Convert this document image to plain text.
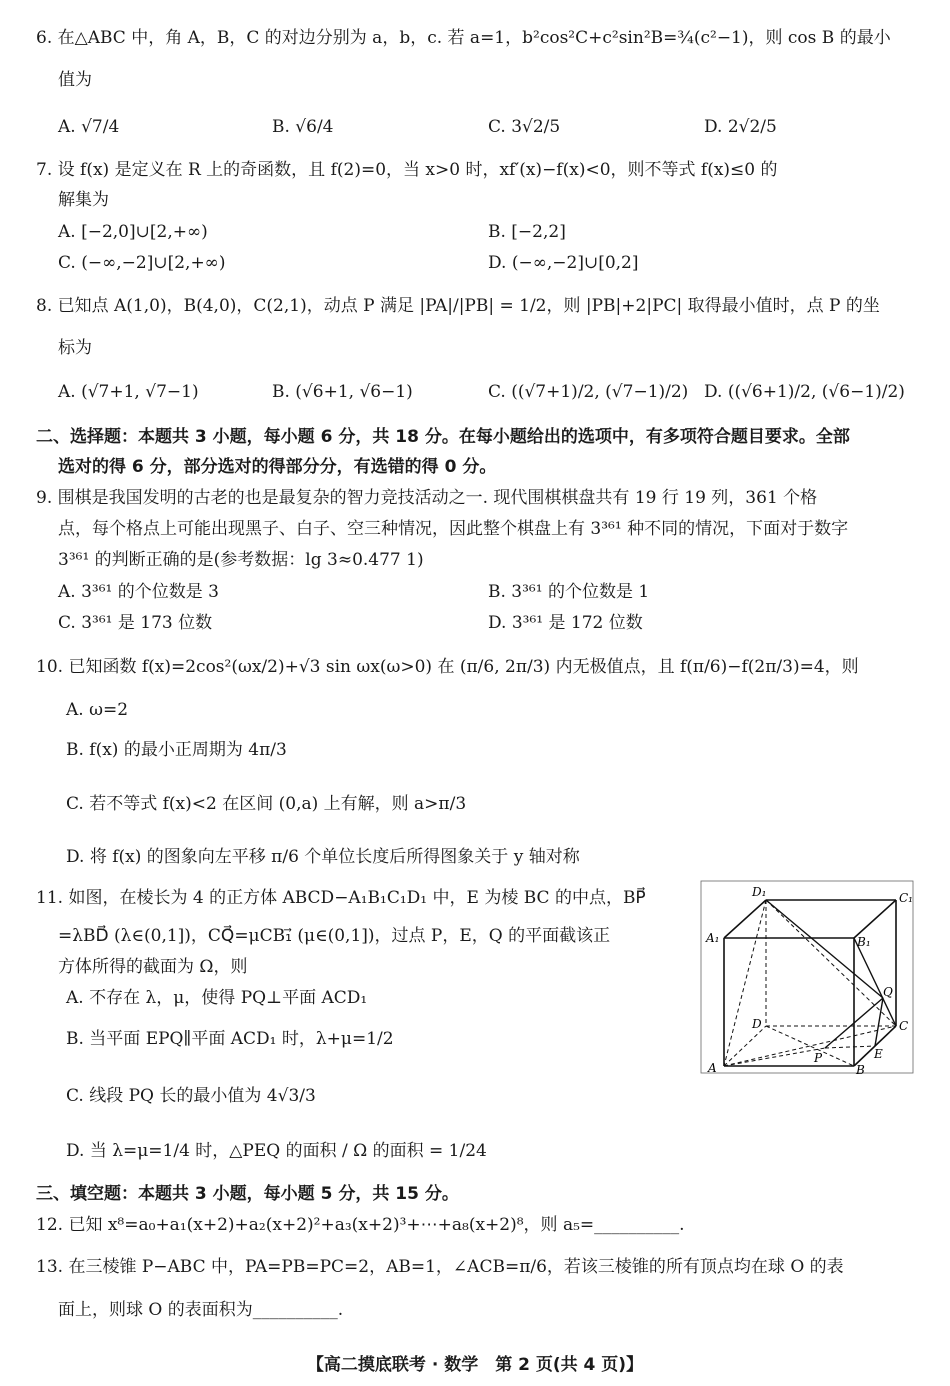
6. 在△ABC 中，角 A，B，C 的对边分别为 a，b，c. 若 a=1，b²cos²C+c²sin²B=¾(c²−1)，则 cos B 的最小
值为
A. √7/4	B. √6/4	C. 3√2/5	D. 2√2/5
7. 设 f(x) 是定义在 R 上的奇函数，且 f(2)=0，当 x>0 时，xf′(x)−f(x)<0，则不等式 f(x)≤0 的
解集为
A. [−2,0]∪[2,+∞)	B. [−2,2]
C. (−∞,−2]∪[2,+∞)	D. (−∞,−2]∪[0,2]
8. 已知点 A(1,0)，B(4,0)，C(2,1)，动点 P 满足 |PA|/|PB| = 1/2，则 |PB|+2|PC| 取得最小值时，点 P 的坐
标为
A. (√7+1, √7−1)	B. (√6+1, √6−1)	C. ((√7+1)/2, (√7−1)/2) D. ((√6+1)/2, (√6−1)/2)
二、选择题：本题共 3 小题，每小题 6 分，共 18 分。在每小题给出的选项中，有多项符合题目要求。全部
选对的得 6 分，部分选对的得部分分，有选错的得 0 分。
9. 围棋是我国发明的古老的也是最复杂的智力竞技活动之一. 现代围棋棋盘共有 19 行 19 列，361 个格
点，每个格点上可能出现黑子、白子、空三种情况，因此整个棋盘上有 3³⁶¹ 种不同的情况，下面对于数字
3³⁶¹ 的判断正确的是(参考数据：lg 3≈0.477 1)
A. 3³⁶¹ 的个位数是 3	B. 3³⁶¹ 的个位数是 1
C. 3³⁶¹ 是 173 位数	D. 3³⁶¹ 是 172 位数
10. 已知函数 f(x)=2cos²(ωx/2)+√3 sin ωx(ω>0) 在 (π/6, 2π/3) 内无极值点，且 f(π/6)−f(2π/3)=4，则
A. ω=2
B. f(x) 的最小正周期为 4π/3
C. 若不等式 f(x)<2 在区间 (0,a) 上有解，则 a>π/3
D. 将 f(x) 的图象向左平移 π/6 个单位长度后所得图象关于 y 轴对称
11. 如图，在棱长为 4 的正方体 ABCD−A₁B₁C₁D₁ 中，E 为棱 BC 的中点，BP⃗
=λBD⃗ (λ∈(0,1])，CQ⃗=μCB₁⃗ (μ∈(0,1])，过点 P，E，Q 的平面截该正
方体所得的截面为 Ω，则
A. 不存在 λ，μ，使得 PQ⊥平面 ACD₁
B. 当平面 EPQ∥平面 ACD₁ 时，λ+μ=1/2
C. 线段 PQ 长的最小值为 4√3/3
D. 当 λ=μ=1/4 时，△PEQ 的面积 / Ω 的面积 = 1/24
D₁	C₁
A₁	B₁
Q
D	C
P	E
A	B
三、填空题：本题共 3 小题，每小题 5 分，共 15 分。
12. 已知 x⁸=a₀+a₁(x+2)+a₂(x+2)²+a₃(x+2)³+⋯+a₈(x+2)⁸，则 a₅=__________.
13. 在三棱锥 P−ABC 中，PA=PB=PC=2，AB=1，∠ACB=π/6，若该三棱锥的所有顶点均在球 O 的表
面上，则球 O 的表面积为__________.
【高二摸底联考 · 数学　第 2 页(共 4 页)】
